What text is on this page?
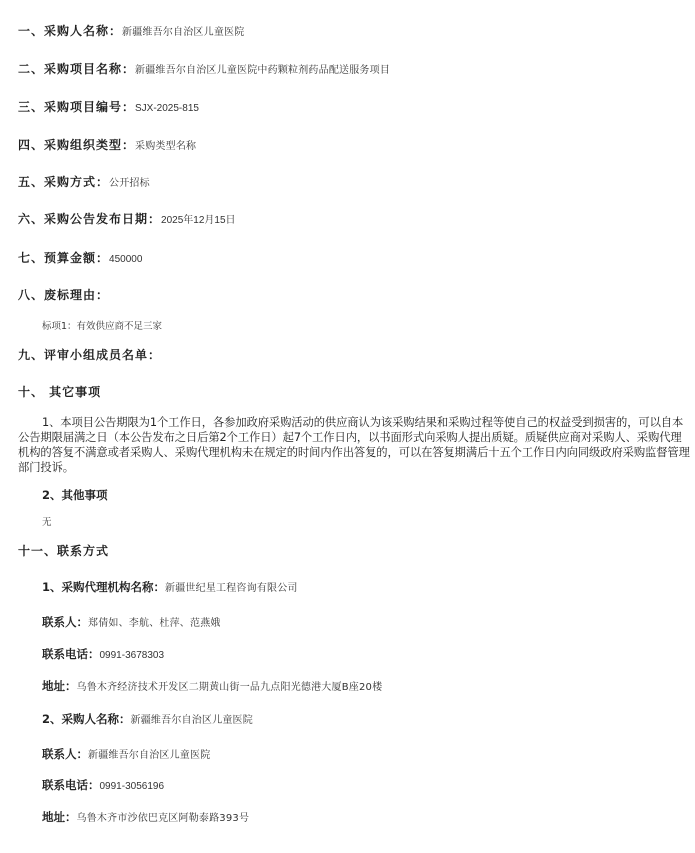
一、采购人名称： 新疆维吾尔自治区儿童医院
二、采购项目名称： 新疆维吾尔自治区儿童医院中药颗粒剂药品配送服务项目
三、采购项目编号： SJX-2025-815
四、采购组织类型： 采购类型名称
五、采购方式： 公开招标
六、采购公告发布日期： 2025年12月15日
七、预算金额： 450000
八、废标理由：
标项1：有效供应商不足三家
九、评审小组成员名单：
十、 其它事项
1、本项目公告期限为1个工作日，各参加政府采购活动的供应商认为该采购结果和采购过程等使自己的权益受到损害的，可以自本公告期限届满之日（本公告发布之日后第2个工作日）起7个工作日内，以书面形式向采购人提出质疑。质疑供应商对采购人、采购代理机构的答复不满意或者采购人、采购代理机构未在规定的时间内作出答复的，可以在答复期满后十五个工作日内向同级政府采购监督管理部门投诉。
2、其他事项
无
十一、联系方式
1、采购代理机构名称： 新疆世纪星工程咨询有限公司
联系人： 郑倩如、李航、杜萍、范燕娥
联系电话： 0991-3678303
地址： 乌鲁木齐经济技术开发区二期黄山街一品九点阳光德港大厦B座20楼
2、采购人名称： 新疆维吾尔自治区儿童医院
联系人： 新疆维吾尔自治区儿童医院
联系电话： 0991-3056196
地址： 乌鲁木齐市沙依巴克区阿勒泰路393号
